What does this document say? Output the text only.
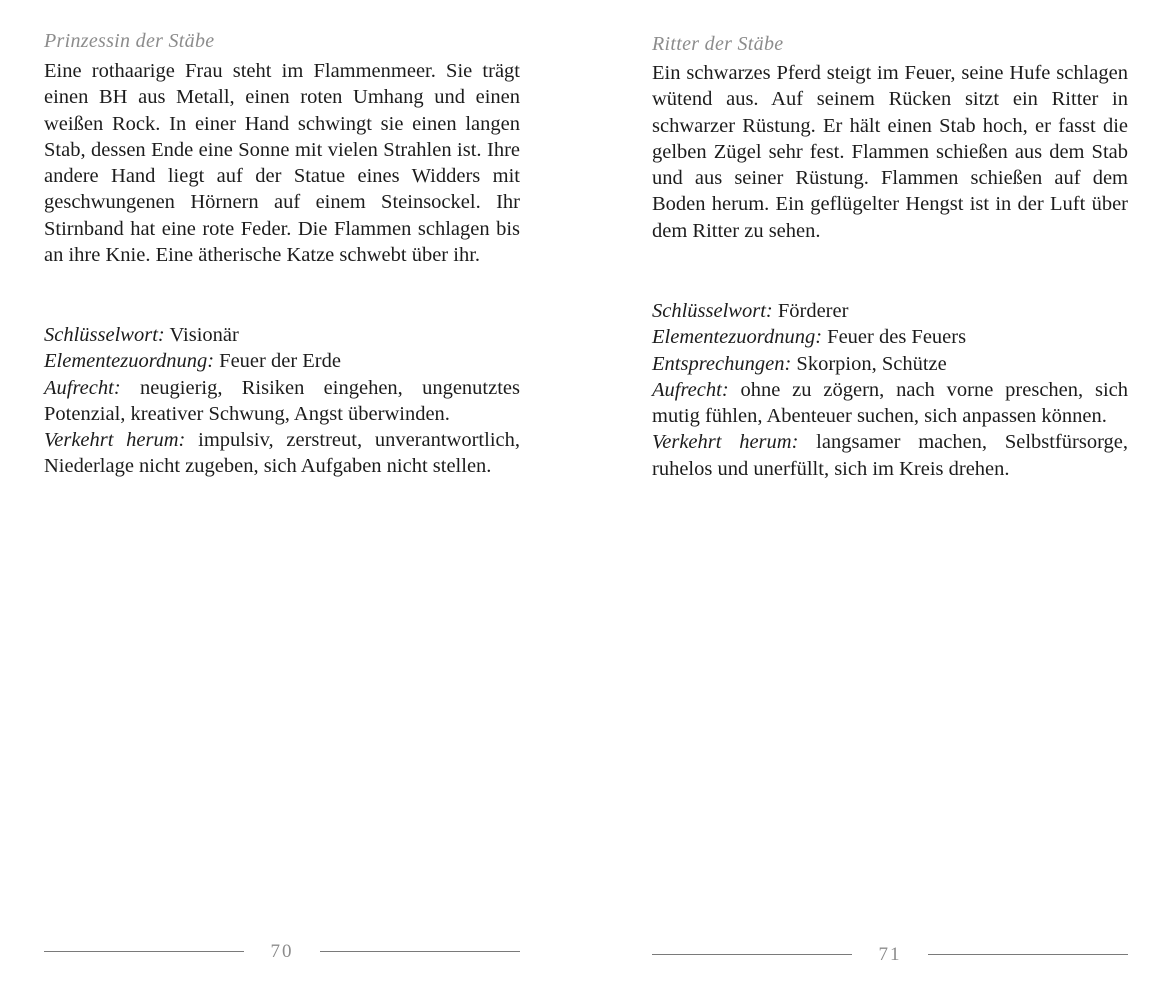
Prinzessin der Stäbe
Eine rothaarige Frau steht im Flammenmeer. Sie trägt einen BH aus Metall, einen roten Umhang und einen weißen Rock. In einer Hand schwingt sie einen langen Stab, dessen Ende eine Sonne mit vielen Strahlen ist. Ihre andere Hand liegt auf der Statue eines Widders mit geschwungenen Hörnern auf einem Steinsockel. Ihr Stirnband hat eine rote Feder. Die Flammen schlagen bis an ihre Knie. Eine ätherische Katze schwebt über ihr.
Schlüsselwort: Visionär
Elementezuordnung: Feuer der Erde
Aufrecht: neugierig, Risiken eingehen, ungenutztes Potenzial, kreativer Schwung, Angst überwinden.
Verkehrt herum: impulsiv, zerstreut, unverantwortlich, Niederlage nicht zugeben, sich Aufgaben nicht stellen.
70
Ritter der Stäbe
Ein schwarzes Pferd steigt im Feuer, seine Hufe schlagen wütend aus. Auf seinem Rücken sitzt ein Ritter in schwarzer Rüstung. Er hält einen Stab hoch, er fasst die gelben Zügel sehr fest. Flammen schießen aus dem Stab und aus seiner Rüstung. Flammen schießen auf dem Boden herum. Ein geflügelter Hengst ist in der Luft über dem Ritter zu sehen.
Schlüsselwort: Förderer
Elementezuordnung: Feuer des Feuers
Entsprechungen: Skorpion, Schütze
Aufrecht: ohne zu zögern, nach vorne preschen, sich mutig fühlen, Abenteuer suchen, sich anpassen können.
Verkehrt herum: langsamer machen, Selbstfürsorge, ruhelos und unerfüllt, sich im Kreis drehen.
71
